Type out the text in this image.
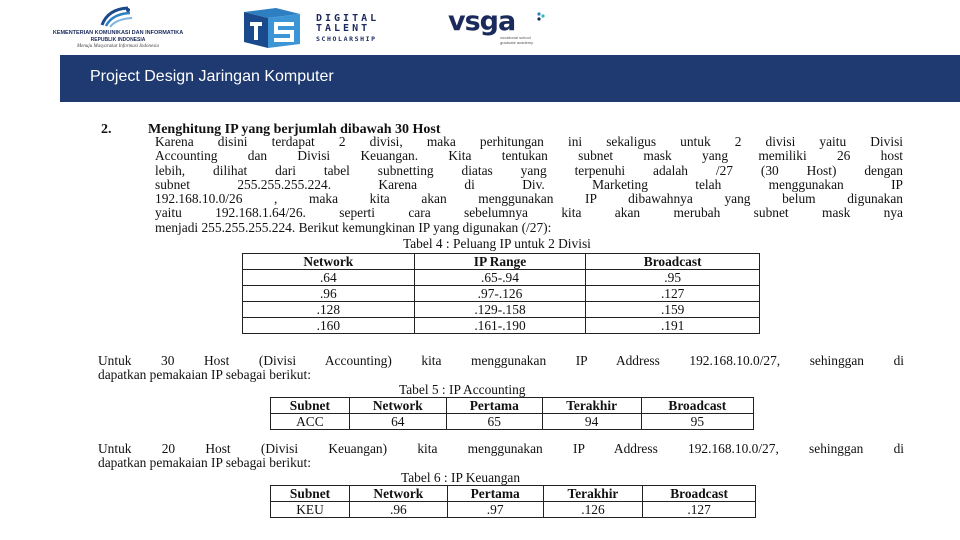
KEMENTERIAN KOMUNIKASI DAN INFORMATIKA
REPUBLIK INDONESIA
Menuju Masyarakat Informasi Indonesia
DIGITAL
TALENT
SCHOLARSHIP
vsga
vocational school graduate academy
Project Design Jaringan Komputer
2.	Menghitung IP yang berjumlah dibawah 30 Host
Karena disini terdapat 2 divisi, maka perhitungan ini sekaligus untuk 2 divisi yaitu Divisi
Accounting dan Divisi Keuangan. Kita tentukan subnet mask yang memiliki 26 host
lebih, dilihat dari tabel subnetting diatas yang terpenuhi adalah /27 (30 Host) dengan
subnet 255.255.255.224. Karena di Div. Marketing telah menggunakan IP
192.168.10.0/26 , maka kita akan menggunakan IP dibawahnya yang belum digunakan
yaitu 192.168.1.64/26. seperti cara sebelumnya kita akan merubah subnet mask nya
menjadi 255.255.255.224. Berikut kemungkinan IP yang digunakan (/27):
Tabel 4 : Peluang IP untuk 2 Divisi
Network	IP Range	Broadcast
.64	.65-.94	.95
.96	.97-.126	.127
.128	.129-.158	.159
.160	.161-.190	.191
Untuk 30 Host (Divisi Accounting) kita menggunakan IP Address 192.168.10.0/27, sehinggan di
dapatkan pemakaian IP sebagai berikut:
Tabel 5 : IP Accounting
Subnet	Network	Pertama	Terakhir	Broadcast
ACC	64	65	94	95
Untuk 20 Host (Divisi Keuangan) kita menggunakan IP Address 192.168.10.0/27, sehinggan di
dapatkan pemakaian IP sebagai berikut:
Tabel 6 : IP Keuangan
Subnet	Network	Pertama	Terakhir	Broadcast
KEU	.96	.97	.126	.127
